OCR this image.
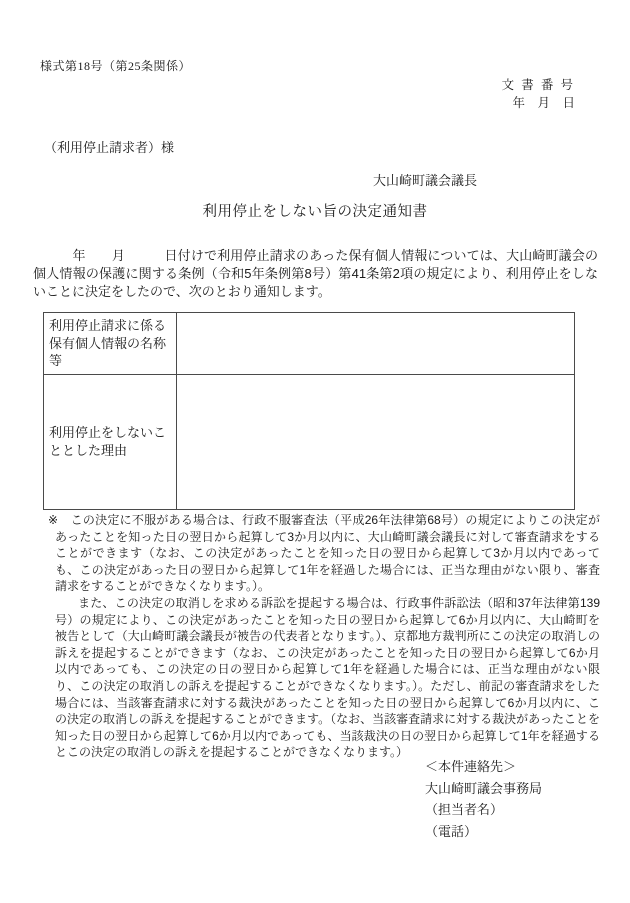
様式第18号（第25条関係）
文 書 番 号
年　月　日
（利用停止請求者）様
大山崎町議会議長
利用停止をしない旨の決定通知書
　　　年　　月　　　日付けで利用停止請求のあった保有個人情報については、大山崎町議会の個人情報の保護に関する条例（令和5年条例第8号）第41条第2項の規定により、利用停止をしないことに決定をしたので、次のとおり通知します。
利用停止請求に係る保有個人情報の名称等	
利用停止をしないこととした理由	

※　この決定に不服がある場合は、行政不服審査法（平成26年法律第68号）の規定によりこの決定があったことを知った日の翌日から起算して3か月以内に、大山崎町議会議長に対して審査請求をすることができます（なお、この決定があったことを知った日の翌日から起算して3か月以内であっても、この決定があった日の翌日から起算して1年を経過した場合には、正当な理由がない限り、審査請求をすることができなくなります。）。

また、この決定の取消しを求める訴訟を提起する場合は、行政事件訴訟法（昭和37年法律第139号）の規定により、この決定があったことを知った日の翌日から起算して6か月以内に、大山崎町を被告として（大山崎町議会議長が被告の代表者となります。）、京都地方裁判所にこの決定の取消しの訴えを提起することができます（なお、この決定があったことを知った日の翌日から起算して6か月以内であっても、この決定の日の翌日から起算して1年を経過した場合には、正当な理由がない限り、この決定の取消しの訴えを提起することができなくなります。）。ただし、前記の審査請求をした場合には、当該審査請求に対する裁決があったことを知った日の翌日から起算して6か月以内に、この決定の取消しの訴えを提起することができます。（なお、当該審査請求に対する裁決があったことを知った日の翌日から起算して6か月以内であっても、当該裁決の日の翌日から起算して1年を経過するとこの決定の取消しの訴えを提起することができなくなります。）

＜本件連絡先＞
大山崎町議会事務局
（担当者名）
（電話）
